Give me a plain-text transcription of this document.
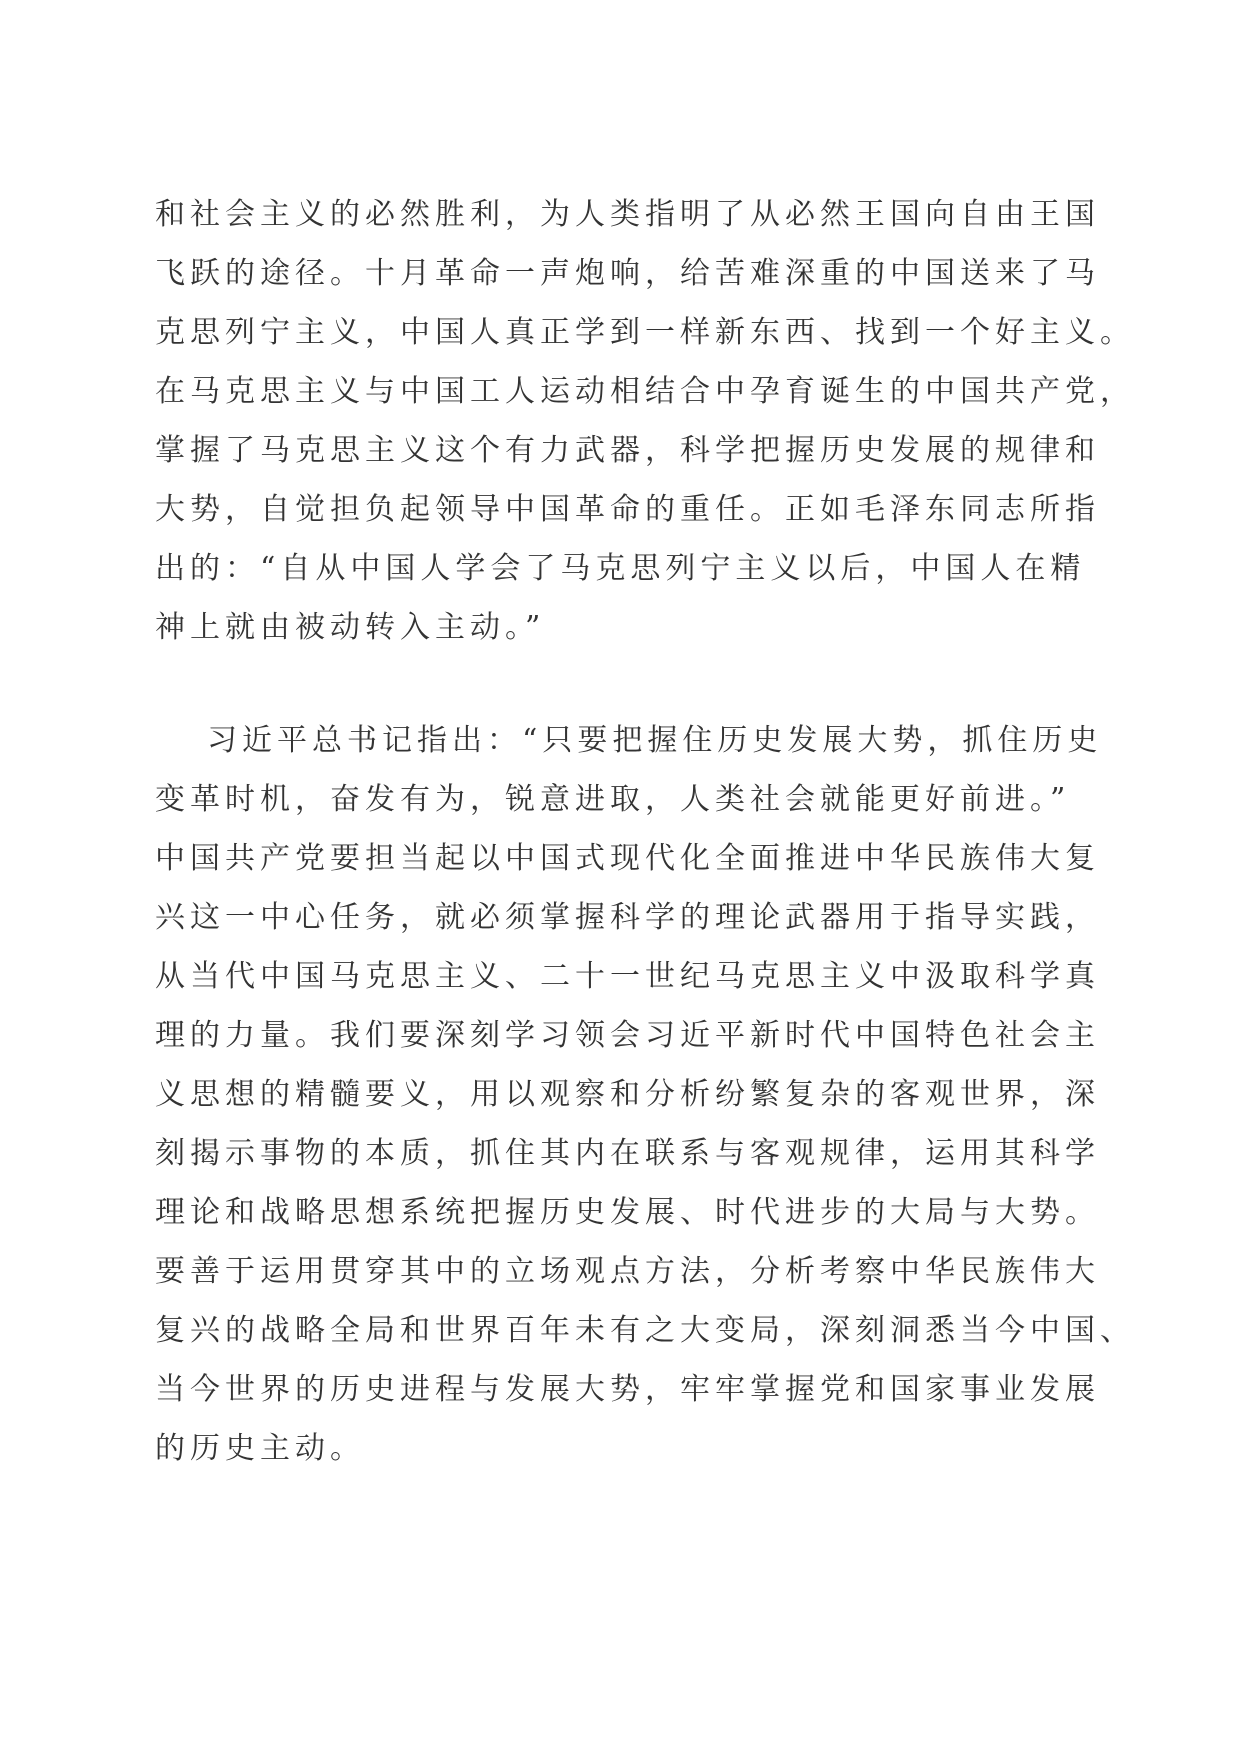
和社会主义的必然胜利，为人类指明了从必然王国向自由王国
飞跃的途径。十月革命一声炮响，给苦难深重的中国送来了马
克思列宁主义，中国人真正学到一样新东西、找到一个好主义。
在马克思主义与中国工人运动相结合中孕育诞生的中国共产党，
掌握了马克思主义这个有力武器，科学把握历史发展的规律和
大势，自觉担负起领导中国革命的重任。正如毛泽东同志所指
出的：“自从中国人学会了马克思列宁主义以后，中国人在精
神上就由被动转入主动。”
习近平总书记指出：“只要把握住历史发展大势，抓住历史
变革时机，奋发有为，锐意进取，人类社会就能更好前进。”
中国共产党要担当起以中国式现代化全面推进中华民族伟大复
兴这一中心任务，就必须掌握科学的理论武器用于指导实践，
从当代中国马克思主义、二十一世纪马克思主义中汲取科学真
理的力量。我们要深刻学习领会习近平新时代中国特色社会主
义思想的精髓要义，用以观察和分析纷繁复杂的客观世界，深
刻揭示事物的本质，抓住其内在联系与客观规律，运用其科学
理论和战略思想系统把握历史发展、时代进步的大局与大势。
要善于运用贯穿其中的立场观点方法，分析考察中华民族伟大
复兴的战略全局和世界百年未有之大变局，深刻洞悉当今中国、
当今世界的历史进程与发展大势，牢牢掌握党和国家事业发展
的历史主动。
